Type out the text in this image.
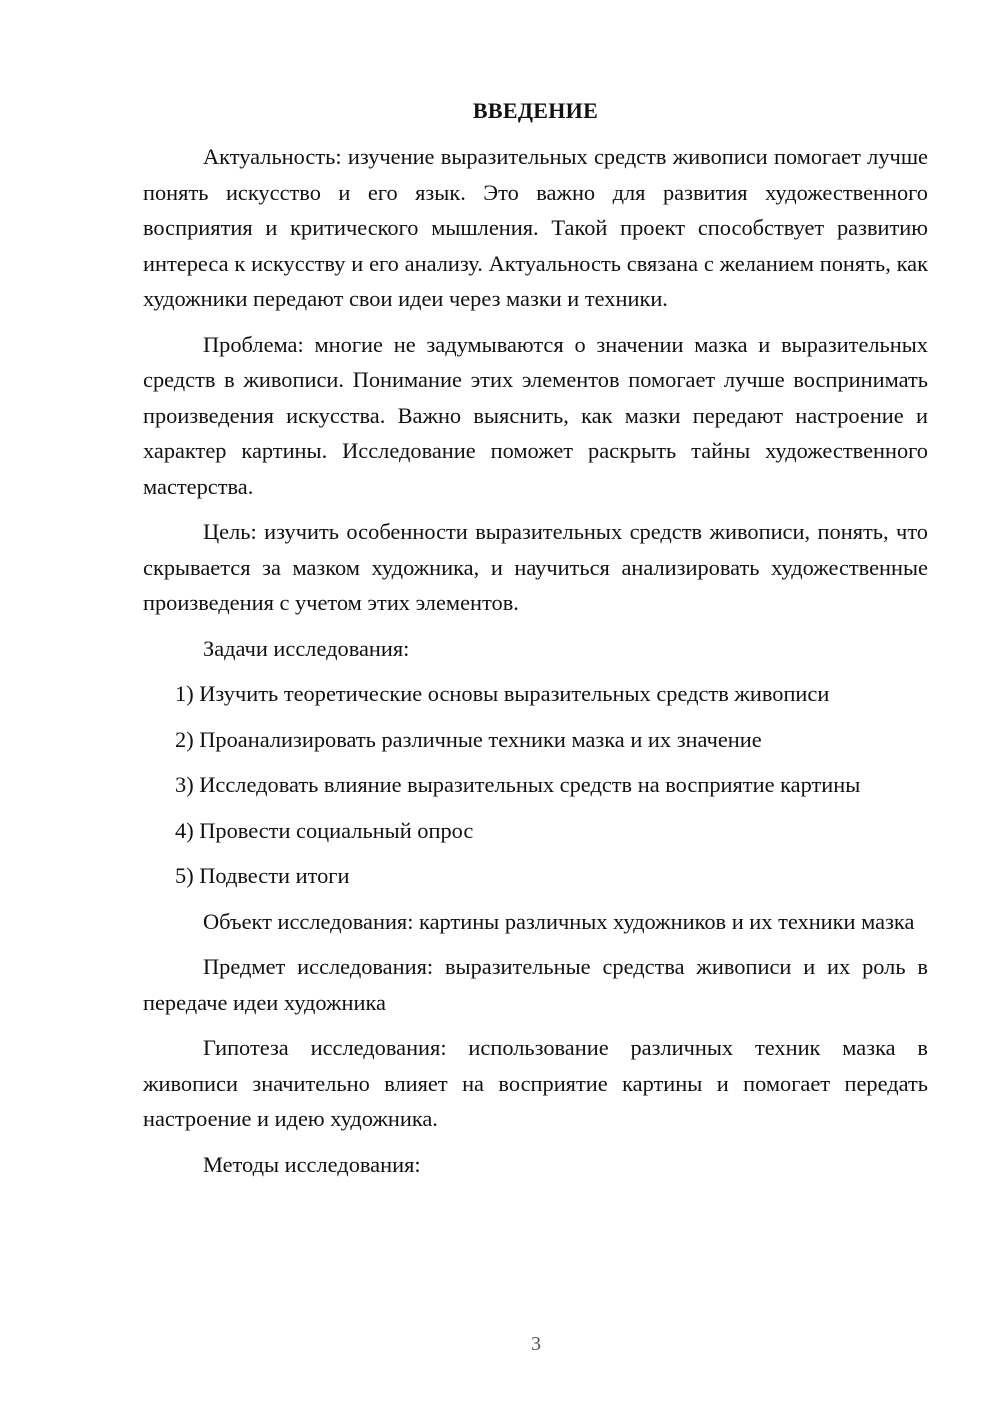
ВВЕДЕНИЕ

Актуальность: изучение выразительных средств живописи помогает лучше понять искусство и его язык. Это важно для развития художественного восприятия и критического мышления. Такой проект способствует развитию интереса к искусству и его анализу. Актуальность связана с желанием понять, как художники передают свои идеи через мазки и техники.

Проблема: многие не задумываются о значении мазка и выразительных средств в живописи. Понимание этих элементов помогает лучше воспринимать произведения искусства. Важно выяснить, как мазки передают настроение и характер картины. Исследование поможет раскрыть тайны художественного мастерства.

Цель: изучить особенности выразительных средств живописи, понять, что скрывается за мазком художника, и научиться анализировать художественные произведения с учетом этих элементов.

Задачи исследования:

1) Изучить теоретические основы выразительных средств живописи

2) Проанализировать различные техники мазка и их значение

3) Исследовать влияние выразительных средств на восприятие картины

4) Провести социальный опрос

5) Подвести итоги

Объект исследования: картины различных художников и их техники мазка

Предмет исследования: выразительные средства живописи и их роль в передаче идеи художника

Гипотеза исследования: использование различных техник мазка в живописи значительно влияет на восприятие картины и помогает передать настроение и идею художника.

Методы исследования:

3
